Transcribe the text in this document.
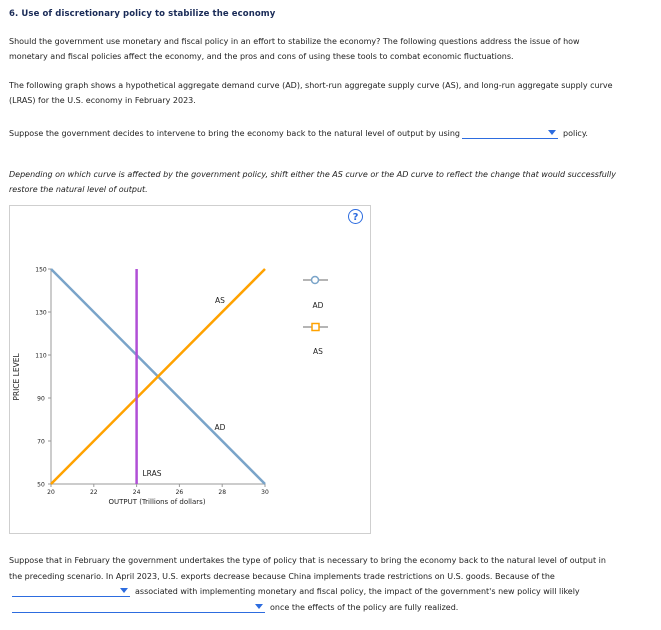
6. Use of discretionary policy to stabilize the economy
Should the government use monetary and fiscal policy in an effort to stabilize the economy? The following questions address the issue of how
monetary and fiscal policies affect the economy, and the pros and cons of using these tools to combat economic fluctuations.
The following graph shows a hypothetical aggregate demand curve (AD), short-run aggregate supply curve (AS), and long-run aggregate supply curve
(LRAS) for the U.S. economy in February 2023.
Suppose the government decides to intervene to bring the economy back to the natural level of output by using	policy.
Depending on which curve is affected by the government policy, shift either the AS curve or the AD curve to reflect the change that would successfully
restore the natural level of output.
?
150
130
110
90
70
50
20	22	24	26	28	30
PRICE LEVEL
OUTPUT (Trillions of dollars)
AS
AD
LRAS
AD
AS
Suppose that in February the government undertakes the type of policy that is necessary to bring the economy back to the natural level of output in
the preceding scenario. In April 2023, U.S. exports decrease because China implements trade restrictions on U.S. goods. Because of the
associated with implementing monetary and fiscal policy, the impact of the government's new policy will likely
once the effects of the policy are fully realized.
